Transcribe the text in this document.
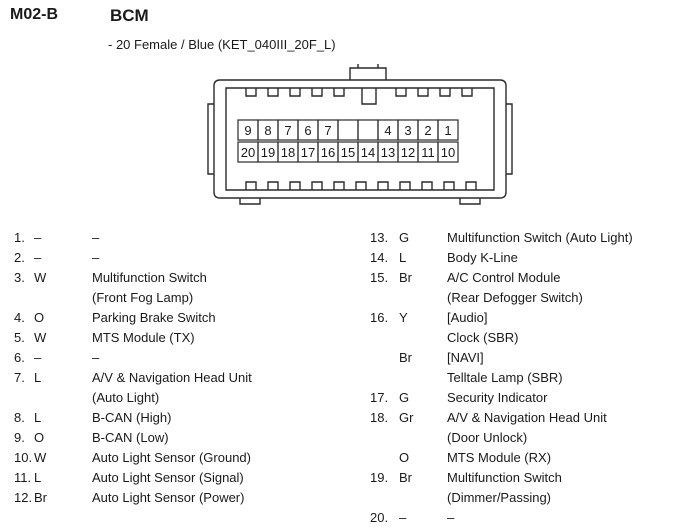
M02-B	BCM
- 20 Female / Blue (KET_040III_20F_L)
9 8 7 6 7	4 3 2 1
20 19 18 17 16 15 14 13 12 11 10
1. –	–
2. –	–
3. W	Multifunction Switch
(Front Fog Lamp)
4. O	Parking Brake Switch
5. W	MTS Module (TX)
6. –	–
7. L	A/V & Navigation Head Unit
(Auto Light)
8. L	B-CAN (High)
9. O	B-CAN (Low)
10. W	Auto Light Sensor (Ground)
11. L	Auto Light Sensor (Signal)
12. Br	Auto Light Sensor (Power)
13. G	Multifunction Switch (Auto Light)
14. L	Body K-Line
15. Br	A/C Control Module
(Rear Defogger Switch)
16. Y	[Audio]
Clock (SBR)
Br	[NAVI]
Telltale Lamp (SBR)
17. G	Security Indicator
18. Gr	A/V & Navigation Head Unit
(Door Unlock)
O	MTS Module (RX)
19. Br	Multifunction Switch
(Dimmer/Passing)
20. –	–
